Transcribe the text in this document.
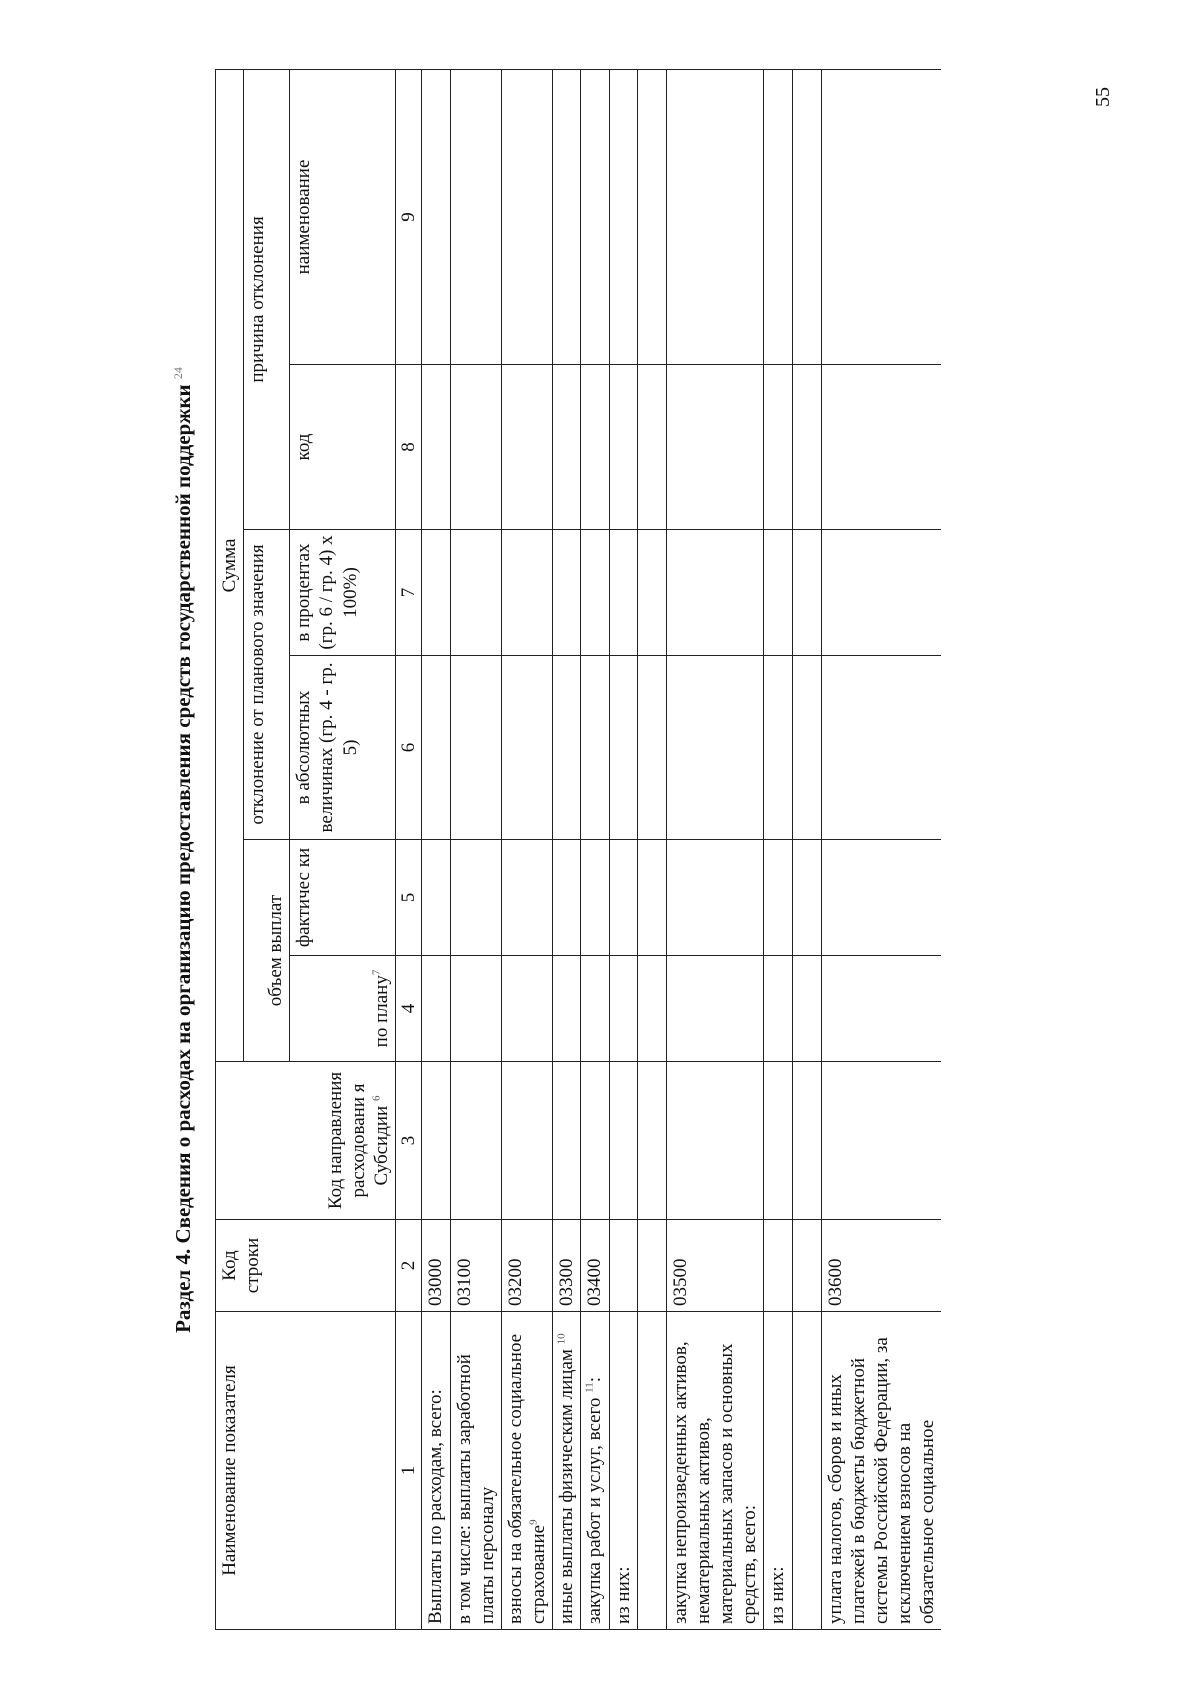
55
Раздел 4. Сведения о расходах на организацию предоставления средств государственной поддержки $^{24}$
Наименование показателя	Код строки	Код направления расходовани я Субсидии $^6$	Сумма					
			объем выплат		отклонение от планового значения		причина отклонения	
			по плану$^7$	фактичес ки	в абсолютных величинах (гр. 4 - гр. 5)	в процентах (гр. 6 / гр. 4) x 100%)	код	наименование
1	2	3	4	5	6	7	8	9
Выплаты по расходам, всего:	03000							
в том числе: выплаты заработной платы персоналу	03100							
взносы на обязательное социальное страхование$^9$	03200							
иные выплаты физическим лицам $^{10}$	03300							
закупка работ и услуг, всего $^{11}$:	03400							
из них:								

закупка непроизведенных активов, нематериальных активов, материальных запасов и основных средств, всего:	03500							
из них:								

уплата налогов, сборов и иных платежей в бюджеты бюджетной системы Российской Федерации, за исключением взносов на обязательное социальное	03600							
